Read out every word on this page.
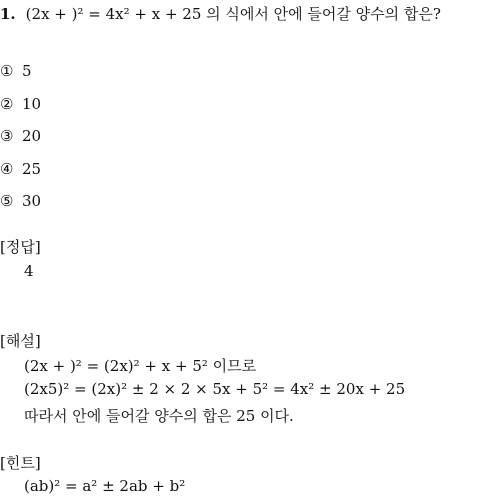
1. (2x + )² = 4x² + x + 25 의 식에서 안에 들어갈 양수의 합은?
① 5
② 10
③ 20
④ 25
⑤ 30
[정답]
4
[해설]
(2x + )² = (2x)² + x + 5² 이므로
(2x5)² = (2x)² ± 2 × 2 × 5x + 5² = 4x² ± 20x + 25
따라서 안에 들어갈 양수의 합은 25 이다.
[힌트]
(ab)² = a² ± 2ab + b²
